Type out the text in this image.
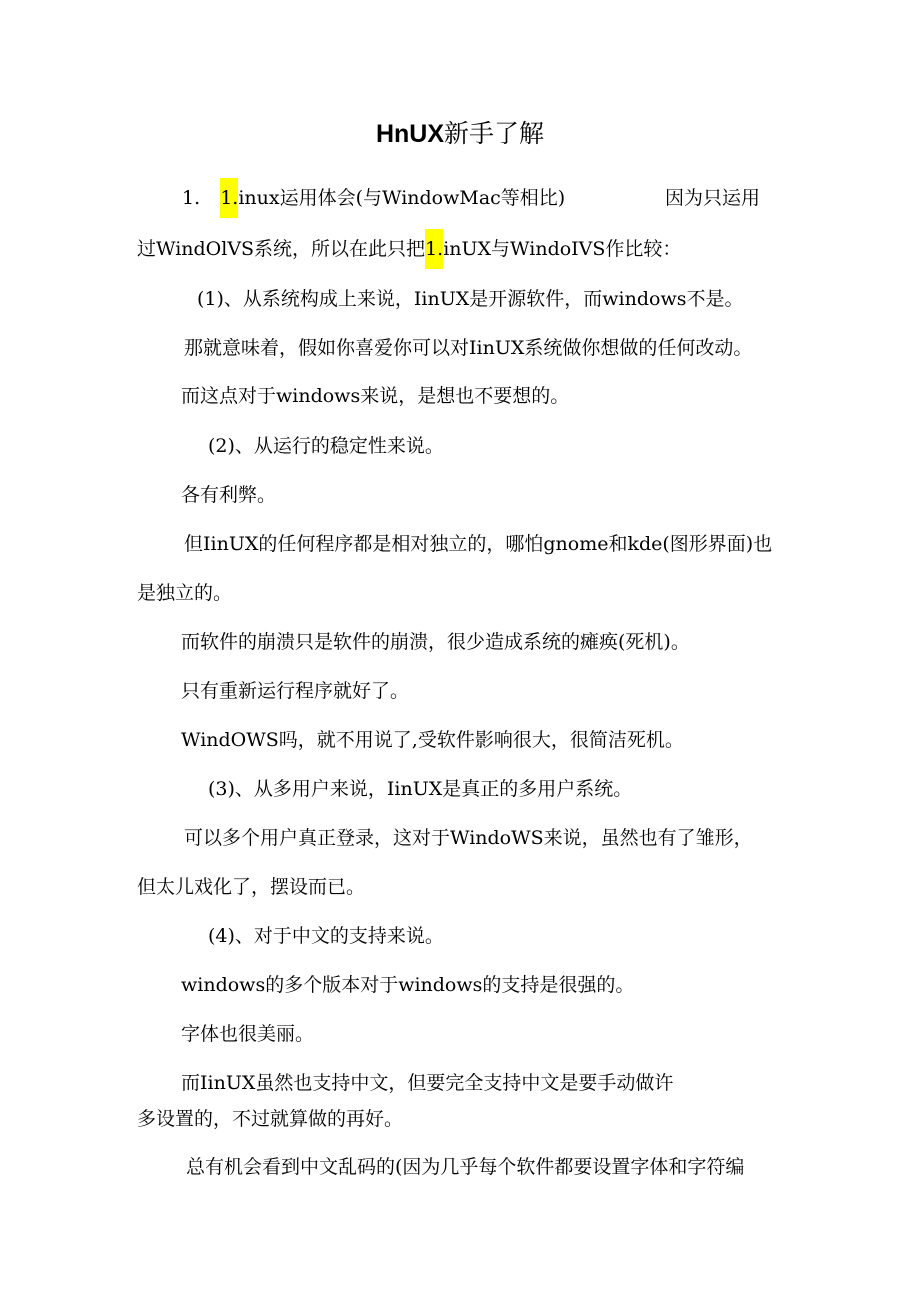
HnUX新手了解
1. 1.inux运用体会(与WindowMac等相比)	因为只运用
过WindOlVS系统，所以在此只把1.inUX与WindoIVS作比较：
(1)、从系统构成上来说，IinUX是开源软件，而windows不是。
那就意味着，假如你喜爱你可以对IinUX系统做你想做的任何改动。
而这点对于windows来说，是想也不要想的。
(2)、从运行的稳定性来说。
各有利弊。
但IinUX的任何程序都是相对独立的，哪怕gnome和kde(图形界面)也
是独立的。
而软件的崩溃只是软件的崩溃，很少造成系统的瘫痪(死机)。
只有重新运行程序就好了。
WindOWS吗，就不用说了,受软件影响很大，很简洁死机。
(3)、从多用户来说，IinUX是真正的多用户系统。
可以多个用户真正登录，这对于WindoWS来说，虽然也有了雏形，
但太儿戏化了，摆设而已。
(4)、对于中文的支持来说。
windows的多个版本对于windows的支持是很强的。
字体也很美丽。
而IinUX虽然也支持中文，但要完全支持中文是要手动做许
多设置的，不过就算做的再好。
总有机会看到中文乱码的(因为几乎每个软件都要设置字体和字符编
